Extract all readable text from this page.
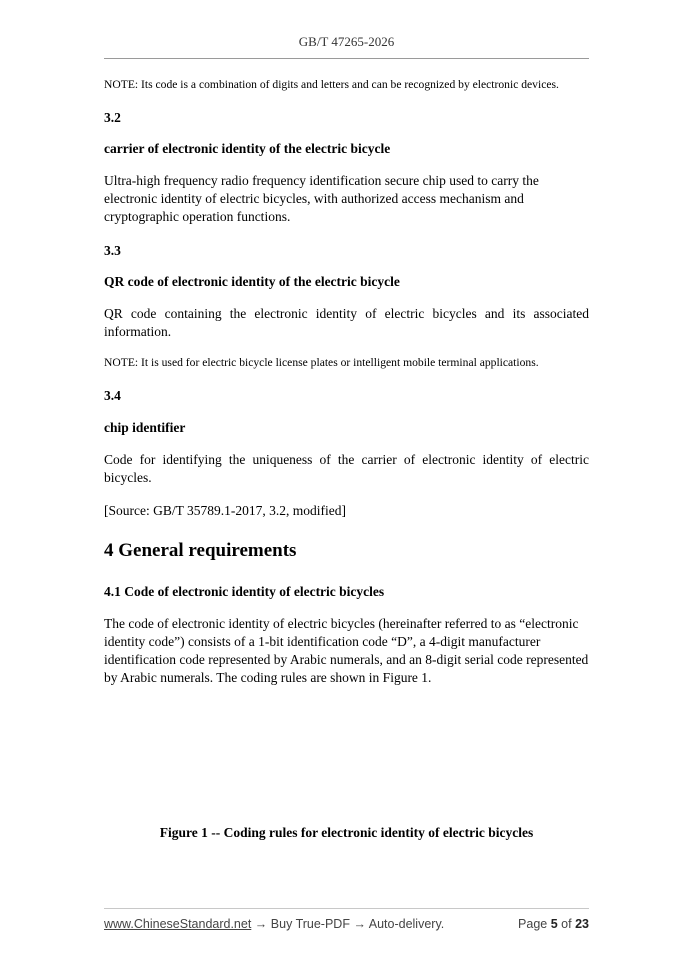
GB/T 47265-2026
NOTE: Its code is a combination of digits and letters and can be recognized by electronic devices.
3.2
carrier of electronic identity of the electric bicycle
Ultra-high frequency radio frequency identification secure chip used to carry the electronic identity of electric bicycles, with authorized access mechanism and cryptographic operation functions.
3.3
QR code of electronic identity of the electric bicycle
QR code containing the electronic identity of electric bicycles and its associated information.
NOTE: It is used for electric bicycle license plates or intelligent mobile terminal applications.
3.4
chip identifier
Code for identifying the uniqueness of the carrier of electronic identity of electric bicycles.
[Source: GB/T 35789.1-2017, 3.2, modified]
4 General requirements
4.1 Code of electronic identity of electric bicycles
The code of electronic identity of electric bicycles (hereinafter referred to as “electronic identity code”) consists of a 1-bit identification code “D”, a 4-digit manufacturer identification code represented by Arabic numerals, and an 8-digit serial code represented by Arabic numerals. The coding rules are shown in Figure 1.
Figure 1 -- Coding rules for electronic identity of electric bicycles
www.ChineseStandard.net → Buy True-PDF → Auto-delivery.	Page 5 of 23
